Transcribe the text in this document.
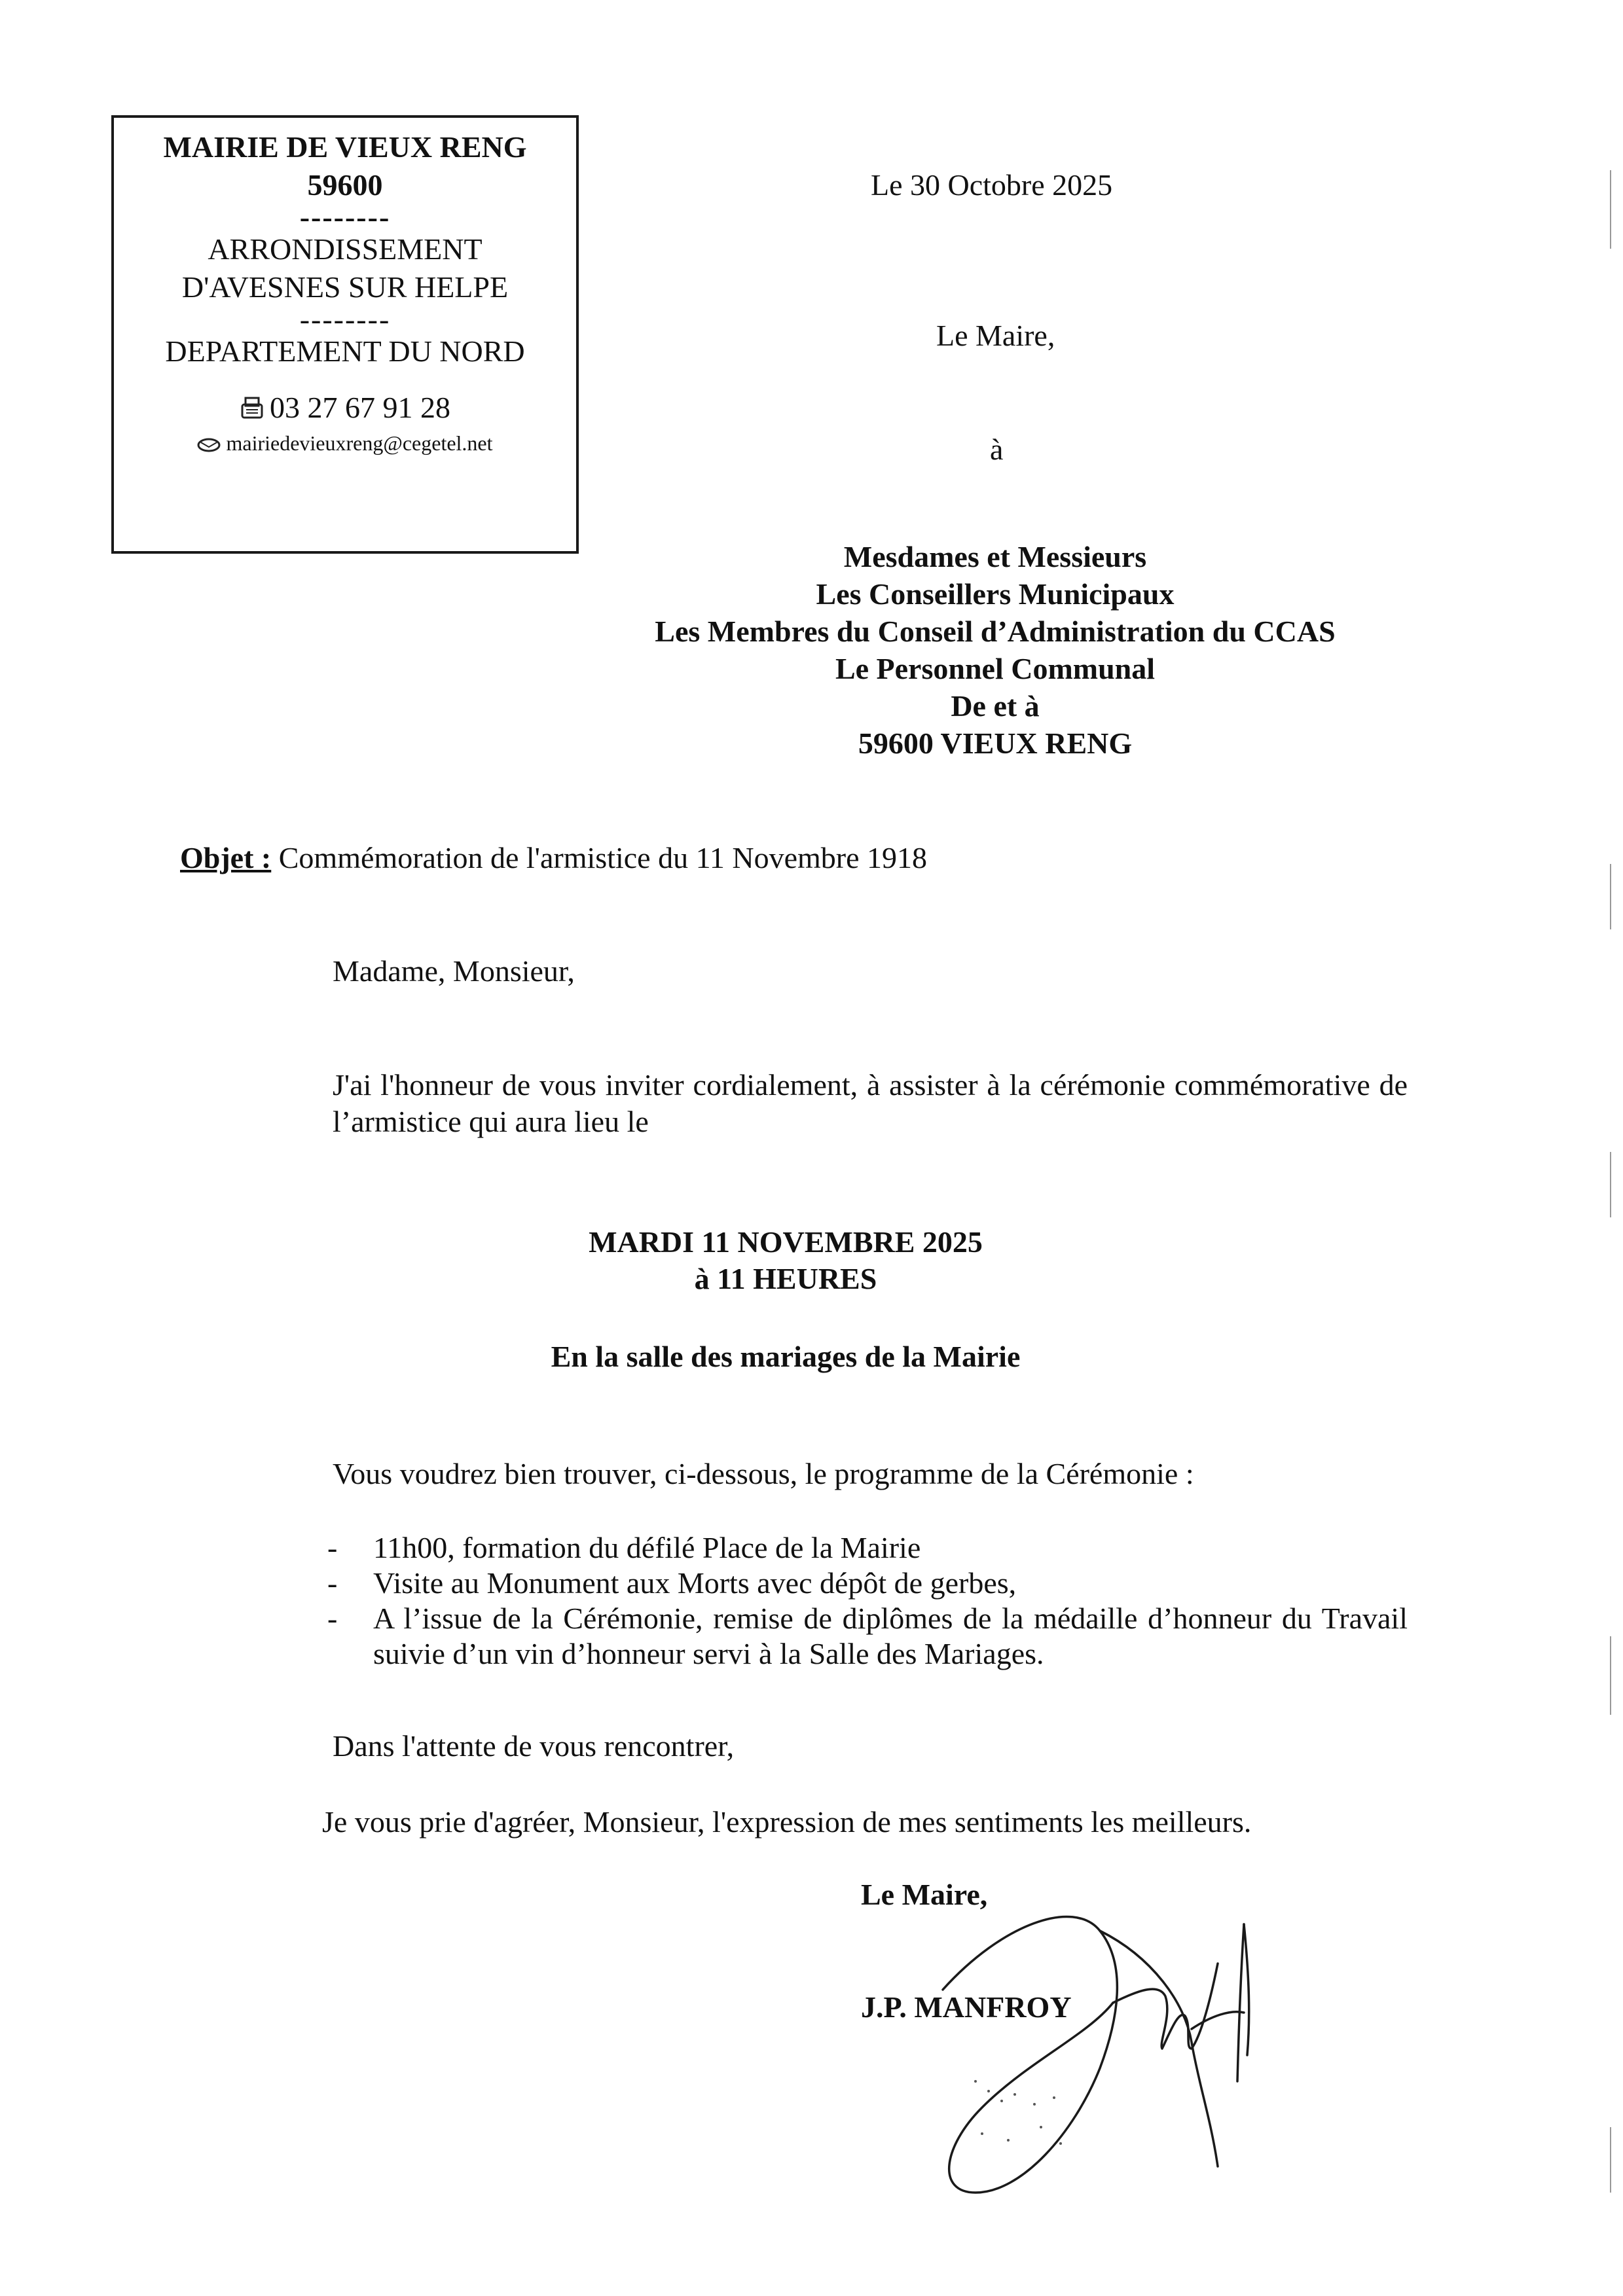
MAIRIE DE VIEUX RENG
59600
--------
ARRONDISSEMENT
D'AVESNES SUR HELPE
--------
DEPARTEMENT DU NORD
03 27 67 91 28
mairiedevieuxreng@cegetel.net
Le 30 Octobre 2025
Le Maire,
à
Mesdames et Messieurs
Les Conseillers Municipaux
Les Membres du Conseil d’Administration du CCAS
Le Personnel Communal
De et à
59600 VIEUX RENG
Objet : Commémoration de l'armistice du 11 Novembre 1918
Madame, Monsieur,
J'ai l'honneur de vous inviter cordialement, à assister à la cérémonie commémorative de l’armistice qui aura lieu le
MARDI 11 NOVEMBRE 2025
à 11 HEURES
En la salle des mariages de la Mairie
Vous voudrez bien trouver, ci-dessous, le programme de la Cérémonie :
- 11h00, formation du défilé Place de la Mairie
- Visite au Monument aux Morts avec dépôt de gerbes,
- A l’issue de la Cérémonie, remise de diplômes de la médaille d’honneur du Travail suivie d’un vin d’honneur servi à la Salle des Mariages.
Dans l'attente de vous rencontrer,
Je vous prie d'agréer, Monsieur, l'expression de mes sentiments les meilleurs.
Le Maire,
J.P. MANFROY
